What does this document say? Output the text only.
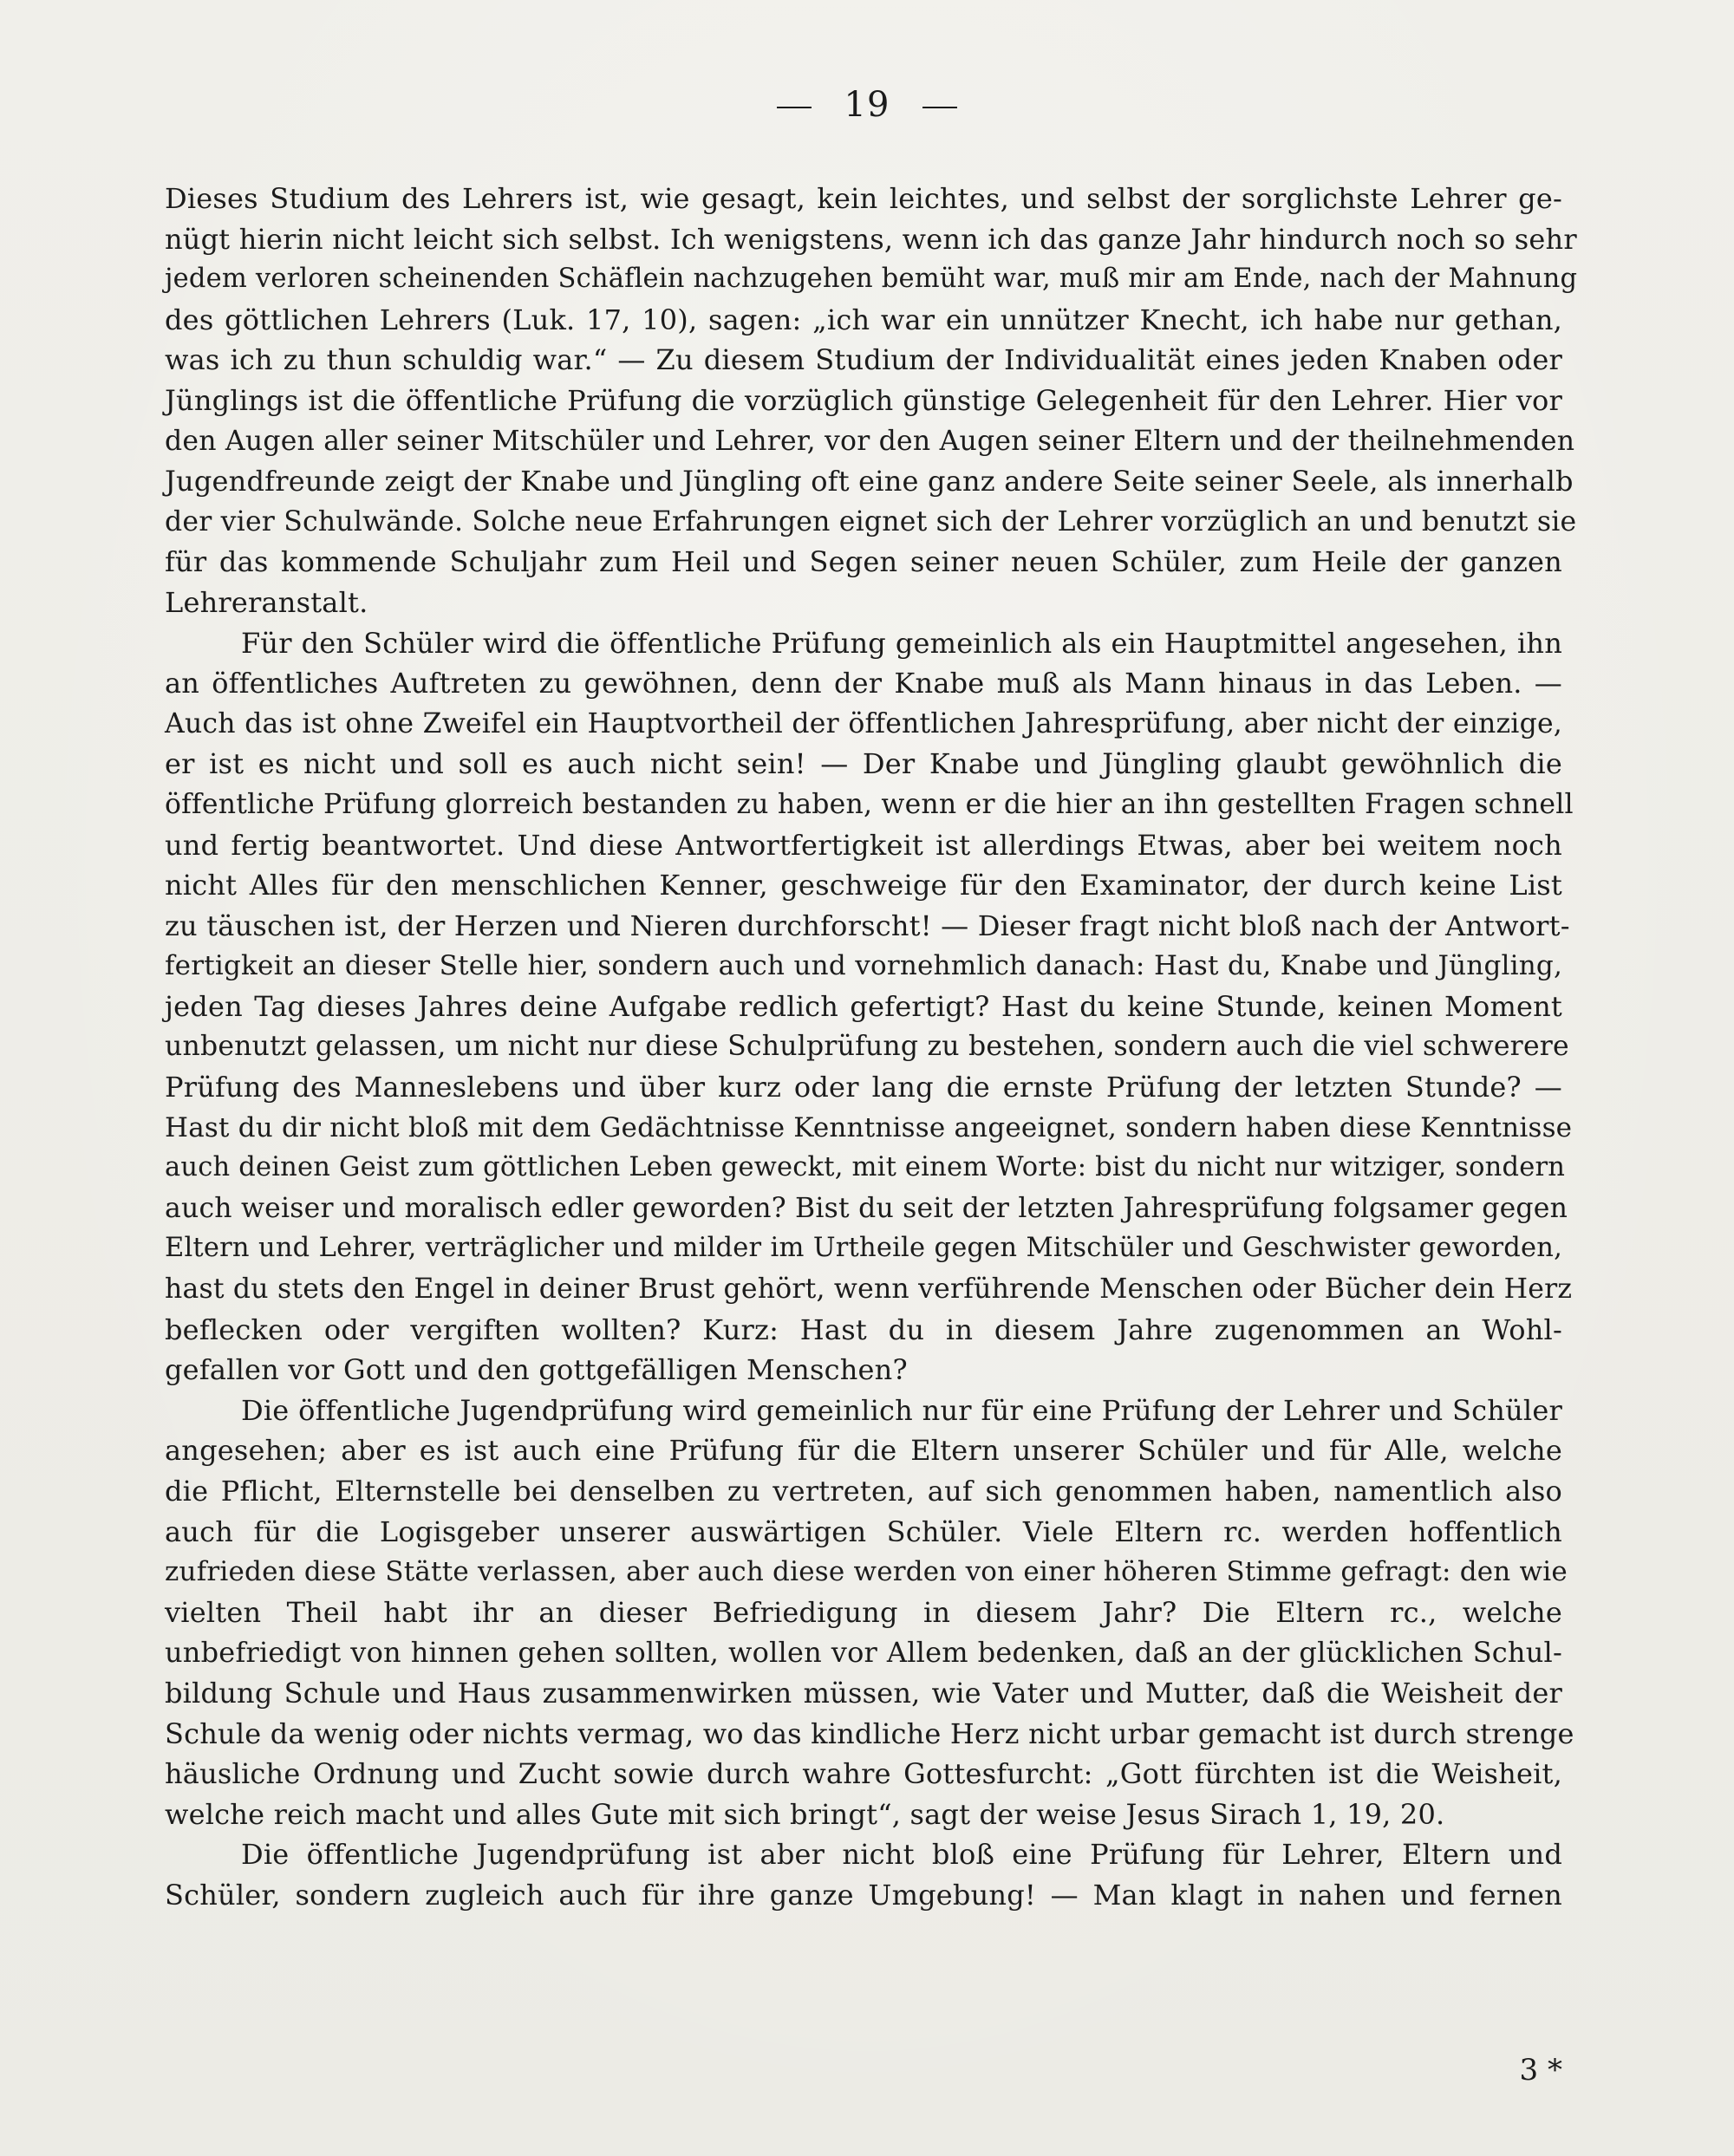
19
Dieses Studium des Lehrers ist, wie gesagt, kein leichtes, und selbst der sorglichste Lehrer ge-
nügt hierin nicht leicht sich selbst. Ich wenigstens, wenn ich das ganze Jahr hindurch noch so sehr
jedem verloren scheinenden Schäflein nachzugehen bemüht war, muß mir am Ende, nach der Mahnung
des göttlichen Lehrers (Luk. 17, 10), sagen: „ich war ein unnützer Knecht, ich habe nur gethan,
was ich zu thun schuldig war.“ — Zu diesem Studium der Individualität eines jeden Knaben oder
Jünglings ist die öffentliche Prüfung die vorzüglich günstige Gelegenheit für den Lehrer. Hier vor
den Augen aller seiner Mitschüler und Lehrer, vor den Augen seiner Eltern und der theilnehmenden
Jugendfreunde zeigt der Knabe und Jüngling oft eine ganz andere Seite seiner Seele, als innerhalb
der vier Schulwände. Solche neue Erfahrungen eignet sich der Lehrer vorzüglich an und benutzt sie
für das kommende Schuljahr zum Heil und Segen seiner neuen Schüler, zum Heile der ganzen
Lehreranstalt.
Für den Schüler wird die öffentliche Prüfung gemeinlich als ein Hauptmittel angesehen, ihn
an öffentliches Auftreten zu gewöhnen, denn der Knabe muß als Mann hinaus in das Leben. —
Auch das ist ohne Zweifel ein Hauptvortheil der öffentlichen Jahresprüfung, aber nicht der einzige,
er ist es nicht und soll es auch nicht sein! — Der Knabe und Jüngling glaubt gewöhnlich die
öffentliche Prüfung glorreich bestanden zu haben, wenn er die hier an ihn gestellten Fragen schnell
und fertig beantwortet. Und diese Antwortfertigkeit ist allerdings Etwas, aber bei weitem noch
nicht Alles für den menschlichen Kenner, geschweige für den Examinator, der durch keine List
zu täuschen ist, der Herzen und Nieren durchforscht! — Dieser fragt nicht bloß nach der Antwort-
fertigkeit an dieser Stelle hier, sondern auch und vornehmlich danach: Hast du, Knabe und Jüngling,
jeden Tag dieses Jahres deine Aufgabe redlich gefertigt? Hast du keine Stunde, keinen Moment
unbenutzt gelassen, um nicht nur diese Schulprüfung zu bestehen, sondern auch die viel schwerere
Prüfung des Manneslebens und über kurz oder lang die ernste Prüfung der letzten Stunde? —
Hast du dir nicht bloß mit dem Gedächtnisse Kenntnisse angeeignet, sondern haben diese Kenntnisse
auch deinen Geist zum göttlichen Leben geweckt, mit einem Worte: bist du nicht nur witziger, sondern
auch weiser und moralisch edler geworden? Bist du seit der letzten Jahresprüfung folgsamer gegen
Eltern und Lehrer, verträglicher und milder im Urtheile gegen Mitschüler und Geschwister geworden,
hast du stets den Engel in deiner Brust gehört, wenn verführende Menschen oder Bücher dein Herz
beflecken oder vergiften wollten? Kurz: Hast du in diesem Jahre zugenommen an Wohl-
gefallen vor Gott und den gottgefälligen Menschen?
Die öffentliche Jugendprüfung wird gemeinlich nur für eine Prüfung der Lehrer und Schüler
angesehen; aber es ist auch eine Prüfung für die Eltern unserer Schüler und für Alle, welche
die Pflicht, Elternstelle bei denselben zu vertreten, auf sich genommen haben, namentlich also
auch für die Logisgeber unserer auswärtigen Schüler. Viele Eltern rc. werden hoffentlich
zufrieden diese Stätte verlassen, aber auch diese werden von einer höheren Stimme gefragt: den wie
vielten Theil habt ihr an dieser Befriedigung in diesem Jahr? Die Eltern rc., welche
unbefriedigt von hinnen gehen sollten, wollen vor Allem bedenken, daß an der glücklichen Schul-
bildung Schule und Haus zusammenwirken müssen, wie Vater und Mutter, daß die Weisheit der
Schule da wenig oder nichts vermag, wo das kindliche Herz nicht urbar gemacht ist durch strenge
häusliche Ordnung und Zucht sowie durch wahre Gottesfurcht: „Gott fürchten ist die Weisheit,
welche reich macht und alles Gute mit sich bringt“, sagt der weise Jesus Sirach 1, 19, 20.
Die öffentliche Jugendprüfung ist aber nicht bloß eine Prüfung für Lehrer, Eltern und
Schüler, sondern zugleich auch für ihre ganze Umgebung! — Man klagt in nahen und fernen
3 *
